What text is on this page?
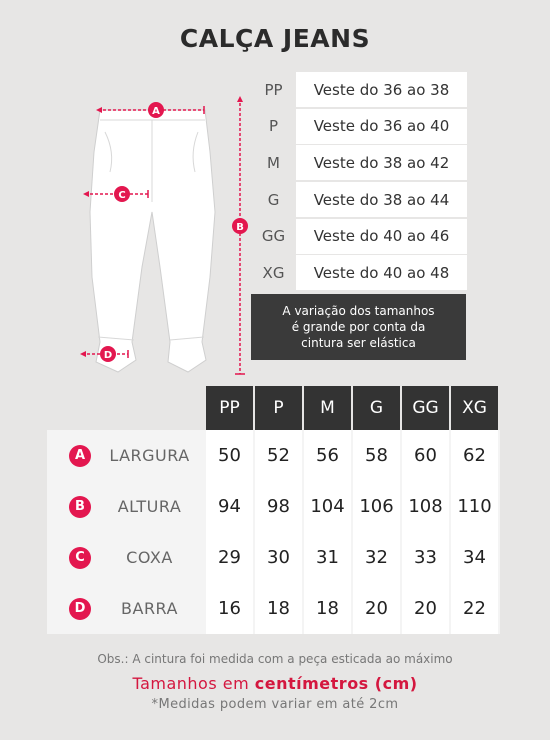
CALÇA JEANS
A
B
C
D
PP	Veste do 36 ao 38
P	Veste do 36 ao 40
M	Veste do 38 ao 42
G	Veste do 38 ao 44
GG	Veste do 40 ao 46
XG	Veste do 40 ao 48
A variação dos tamanhos
é grande por conta da
cintura ser elástica
PP	P	M	G	GG	XG
A	LARGURA	50	52	56	58	60	62
B	ALTURA	94	98	104 106 108 110
C	COXA	29	30	31	32	33	34
D	BARRA	16	18	18	20	20	22
Obs.: A cintura foi medida com a peça esticada ao máximo
Tamanhos em centímetros (cm)
*Medidas podem variar em até 2cm
